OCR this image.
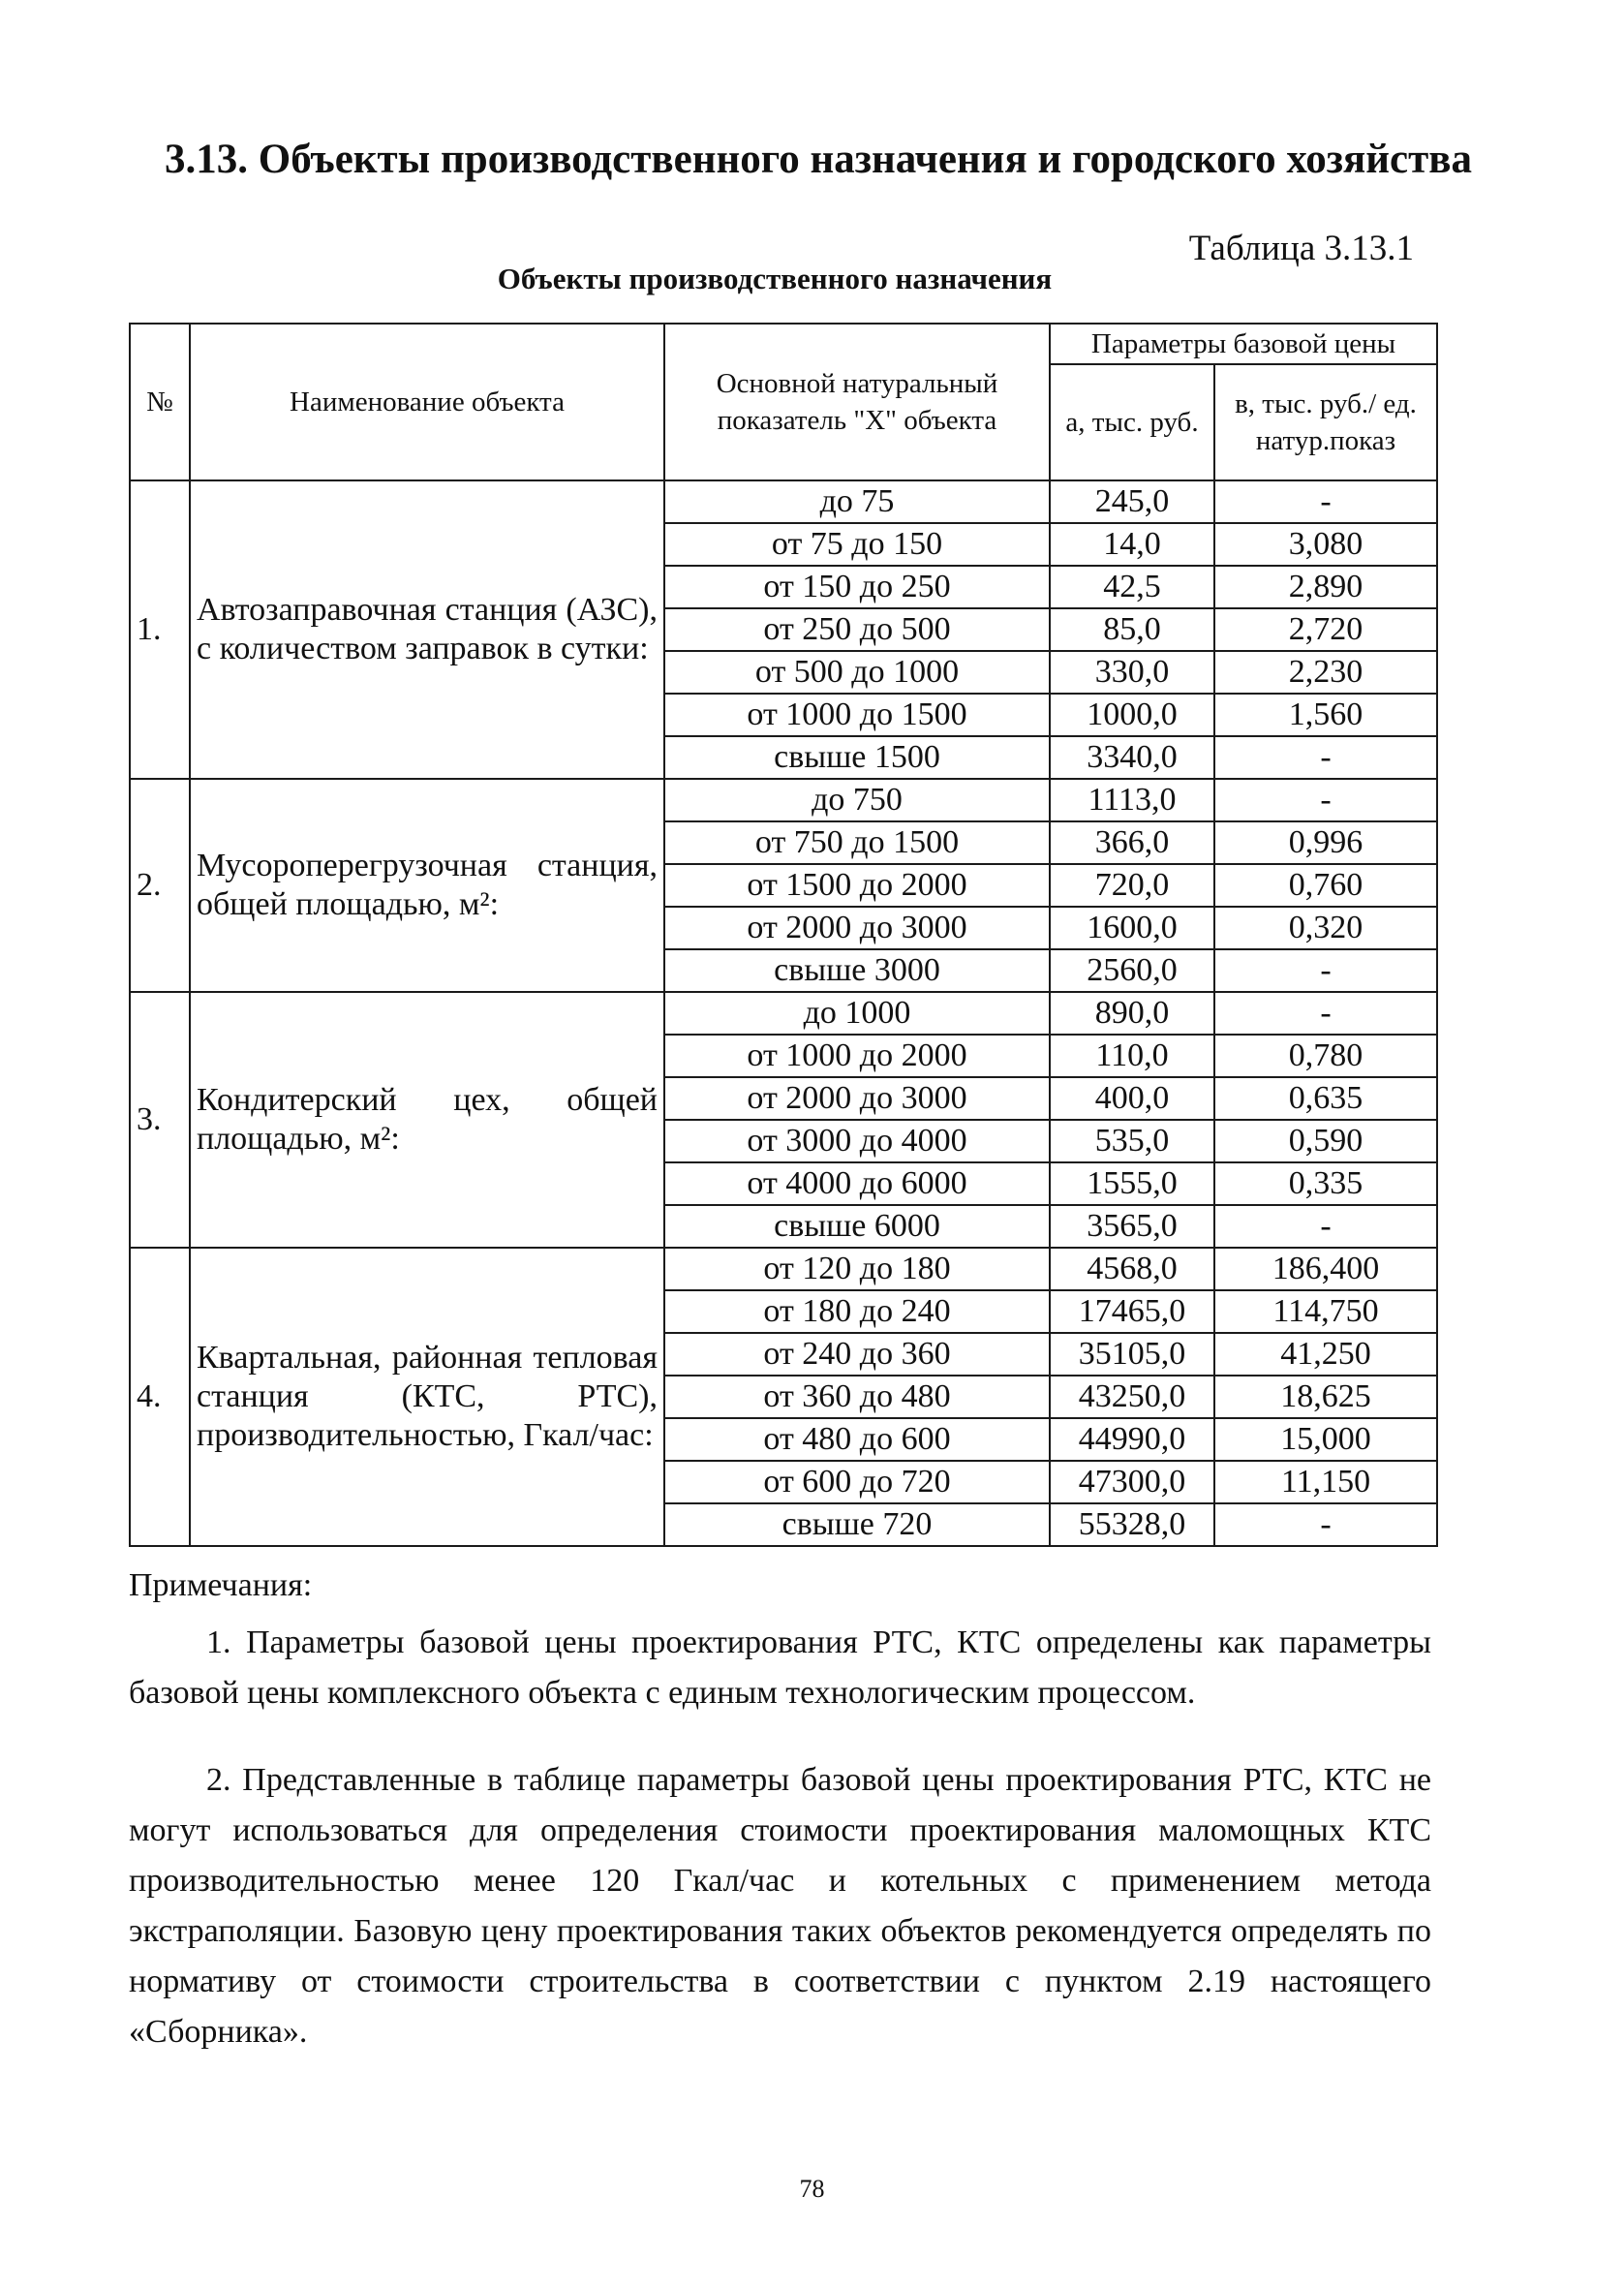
3.13. Объекты производственного назначения и городского хозяйства
Таблица 3.13.1
Объекты производственного назначения
№	Наименование объекта	Основной натуральный показатель "X" объекта	Параметры базовой цены	
			а, тыс. руб.	в, тыс. руб./ ед. натур.показ
1.	Автозаправочная станция (АЗС), с количеством заправок в сутки:	до 75	245,0	-
		от 75 до 150	14,0	3,080
		от 150 до 250	42,5	2,890
		от 250 до 500	85,0	2,720
		от 500 до 1000	330,0	2,230
		от 1000 до 1500	1000,0	1,560
		свыше 1500	3340,0	-
2.	Мусороперегрузочная станция, общей площадью, м²:	до 750	1113,0	-
		от 750 до 1500	366,0	0,996
		от 1500 до 2000	720,0	0,760
		от 2000 до 3000	1600,0	0,320
		свыше 3000	2560,0	-
3.	Кондитерский цех, общей площадью, м²:	до 1000	890,0	-
		от 1000 до 2000	110,0	0,780
		от 2000 до 3000	400,0	0,635
		от 3000 до 4000	535,0	0,590
		от 4000 до 6000	1555,0	0,335
		свыше 6000	3565,0	-
4.	Квартальная, районная тепловая станция (КТС, РТС), производительностью, Гкал/час:	от 120 до 180	4568,0	186,400
		от 180 до 240	17465,0	114,750
		от 240 до 360	35105,0	41,250
		от 360 до 480	43250,0	18,625
		от 480 до 600	44990,0	15,000
		от 600 до 720	47300,0	11,150
		свыше 720	55328,0	-
Примечания:
1. Параметры базовой цены проектирования РТС, КТС определены как параметры базовой цены комплексного объекта с единым технологическим процессом.
2. Представленные в таблице параметры базовой цены проектирования РТС, КТС не могут использоваться для определения стоимости проектирования маломощных КТС производительностью менее 120 Гкал/час и котельных с применением метода экстраполяции. Базовую цену проектирования таких объектов рекомендуется определять по нормативу от стоимости строительства в соответствии с пунктом 2.19 настоящего «Сборника».
78
